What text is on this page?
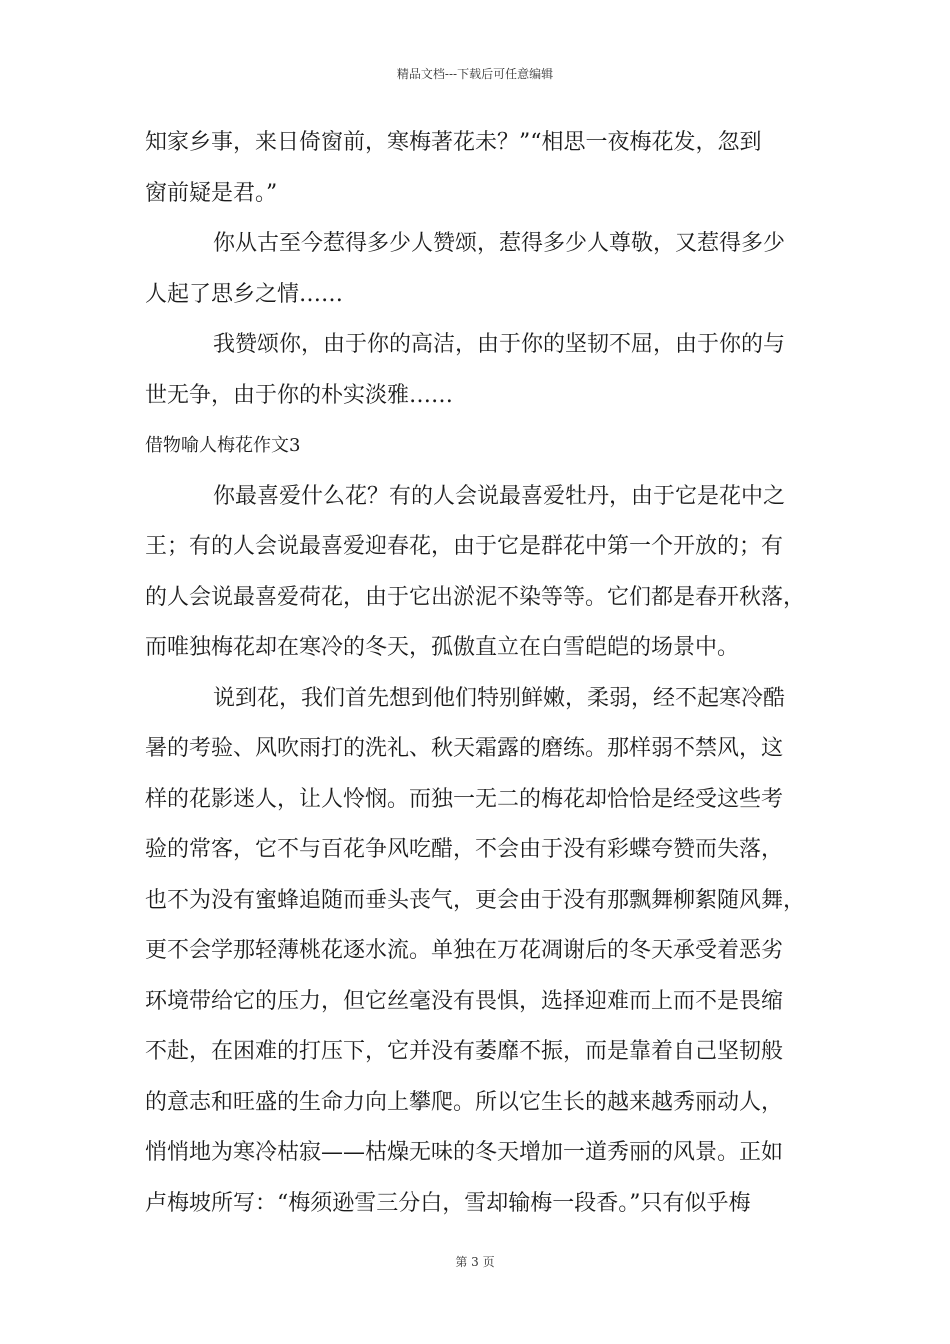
精品文档---下载后可任意编辑
知家乡事，来日倚窗前，寒梅著花未？”“相思一夜梅花发，忽到
窗前疑是君。”
你从古至今惹得多少人赞颂，惹得多少人尊敬，又惹得多少
人起了思乡之情……
我赞颂你，由于你的高洁，由于你的坚韧不屈，由于你的与
世无争，由于你的朴实淡雅……
借物喻人梅花作文3
你最喜爱什么花？有的人会说最喜爱牡丹，由于它是花中之
王；有的人会说最喜爱迎春花，由于它是群花中第一个开放的；有
的人会说最喜爱荷花，由于它出淤泥不染等等。它们都是春开秋落，
而唯独梅花却在寒冷的冬天，孤傲直立在白雪皑皑的场景中。
说到花，我们首先想到他们特别鲜嫩，柔弱，经不起寒冷酷
暑的考验、风吹雨打的洗礼、秋天霜露的磨练。那样弱不禁风，这
样的花影迷人，让人怜悯。而独一无二的梅花却恰恰是经受这些考
验的常客，它不与百花争风吃醋，不会由于没有彩蝶夸赞而失落，
也不为没有蜜蜂追随而垂头丧气，更会由于没有那飘舞柳絮随风舞，
更不会学那轻薄桃花逐水流。单独在万花凋谢后的冬天承受着恶劣
环境带给它的压力，但它丝毫没有畏惧，选择迎难而上而不是畏缩
不赴，在困难的打压下，它并没有萎靡不振，而是靠着自己坚韧般
的意志和旺盛的生命力向上攀爬。所以它生长的越来越秀丽动人，
悄悄地为寒冷枯寂——枯燥无味的冬天增加一道秀丽的风景。正如
卢梅坡所写：“梅须逊雪三分白，雪却输梅一段香。”只有似乎梅
第 3 页
